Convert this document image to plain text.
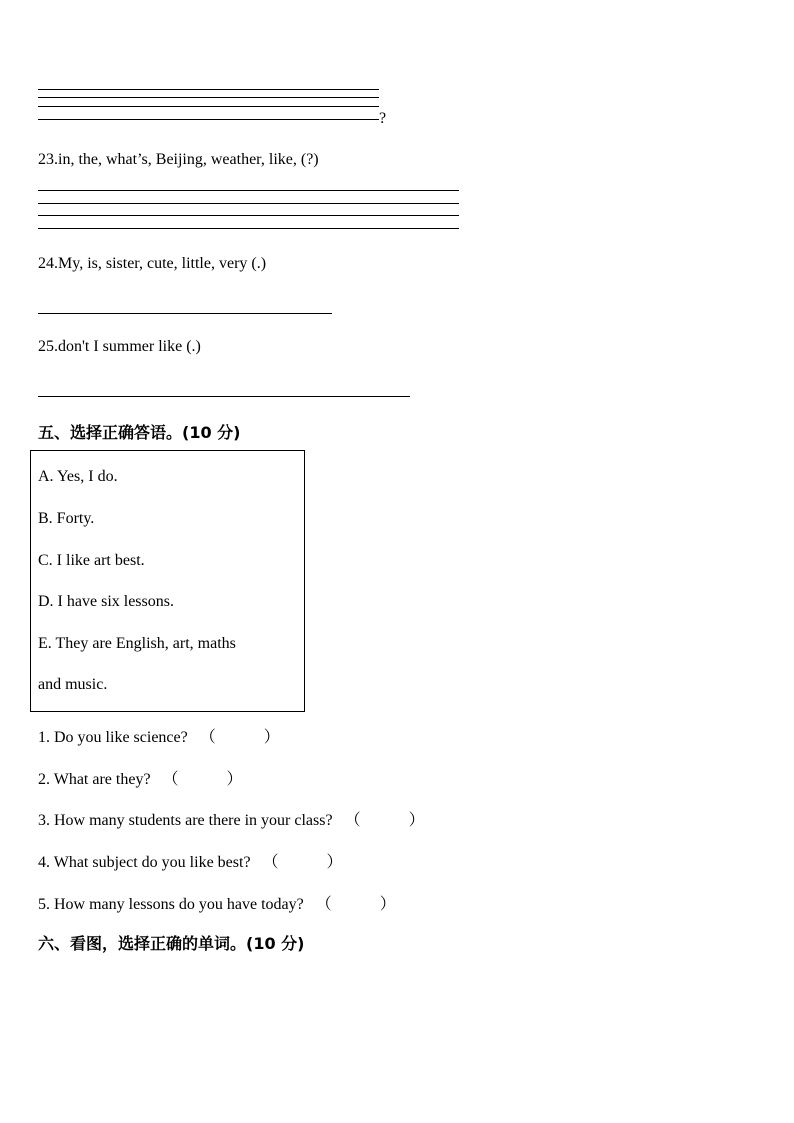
?
23.in, the, what’s, Beijing, weather, like, (?)
24.My, is, sister, cute, little, very (.)
25.don't I summer like (.)
五、选择正确答语。(10 分)
A. Yes, I do.
B. Forty.
C. I like art best.
D. I have six lessons.
E. They are English, art, maths
and music.
1. Do you like science? （　　　）
2. What are they? （　　　）
3. How many students are there in your class? （　　　）
4. What subject do you like best? （　　　）
5. How many lessons do you have today? （　　　）
六、看图，选择正确的单词。(10 分)
